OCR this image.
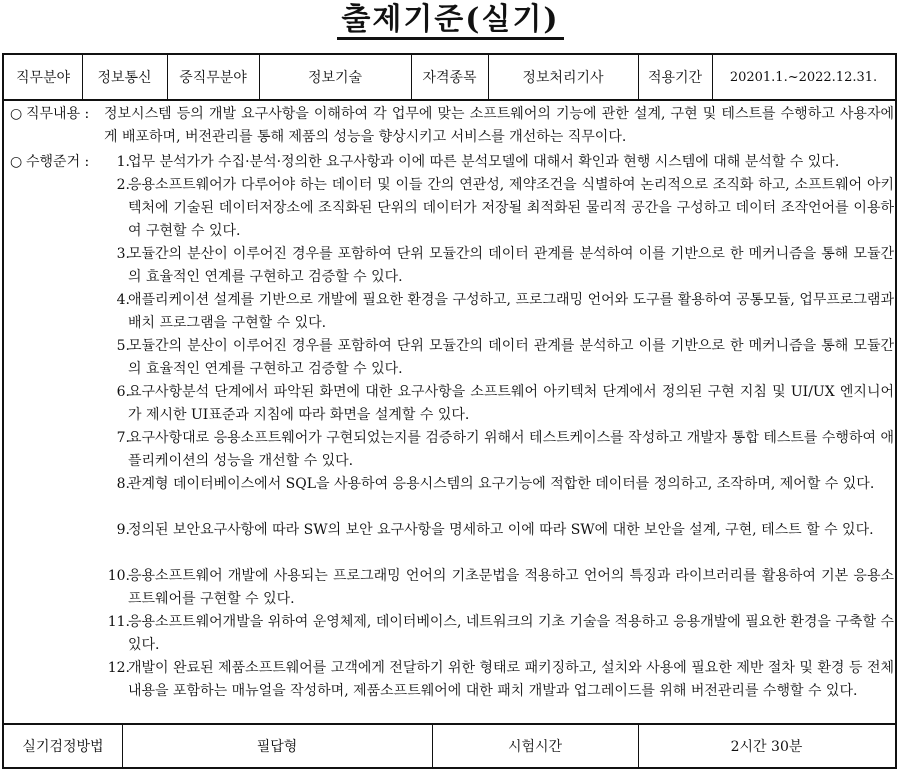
출제기준(실기)
직무분야	정보통신	중직무분야	정보기술	자격종목	정보처리기사	적용기간	20201.1.~2022.12.31.
○ 직무내용 : 정보시스템 등의 개발 요구사항을 이해하여 각 업무에 맞는 소프트웨어의 기능에 관한 설계, 구현 및 테스트를 수행하고 사용자에게 배포하며, 버전관리를 통해 제품의 성능을 향상시키고 서비스를 개선하는 직무이다.
○ 수행준거 : 1.
업무 분석가가 수집·분석·정의한 요구사항과 이에 따른 분석모델에 대해서 확인과 현행 시스템에 대해 분석할 수 있다.
2.
응용소프트웨어가 다루어야 하는 데이터 및 이들 간의 연관성, 제약조건을 식별하여 논리적으로 조직화 하고, 소프트웨어 아키텍처에 기술된 데이터저장소에 조직화된 단위의 데이터가 저장될 최적화된 물리적 공간을 구성하고 데이터 조작언어를 이용하여 구현할 수 있다.
3.
모듈간의 분산이 이루어진 경우를 포함하여 단위 모듈간의 데이터 관계를 분석하여 이를 기반으로 한 메커니즘을 통해 모듈간의 효율적인 연계를 구현하고 검증할 수 있다.
4.
애플리케이션 설계를 기반으로 개발에 필요한 환경을 구성하고, 프로그래밍 언어와 도구를 활용하여 공통모듈, 업무프로그램과 배치 프로그램을 구현할 수 있다.
5.
모듈간의 분산이 이루어진 경우를 포함하여 단위 모듈간의 데이터 관계를 분석하고 이를 기반으로 한 메커니즘을 통해 모듈간의 효율적인 연계를 구현하고 검증할 수 있다.
6.
요구사항분석 단계에서 파악된 화면에 대한 요구사항을 소프트웨어 아키텍처 단계에서 정의된 구현 지침 및 UI/UX 엔지니어가 제시한 UI표준과 지침에 따라 화면을 설계할 수 있다.
7.
요구사항대로 응용소프트웨어가 구현되었는지를 검증하기 위해서 테스트케이스를 작성하고 개발자 통합 테스트를 수행하여 애플리케이션의 성능을 개선할 수 있다.
8.
관계형 데이터베이스에서 SQL을 사용하여 응용시스템의 요구기능에 적합한 데이터를 정의하고, 조작하며, 제어할 수 있다.
9.
정의된 보안요구사항에 따라 SW의 보안 요구사항을 명세하고 이에 따라 SW에 대한 보안을 설계, 구현, 테스트 할 수 있다.
10.
응용소프트웨어 개발에 사용되는 프로그래밍 언어의 기초문법을 적용하고 언어의 특징과 라이브러리를 활용하여 기본 응용소프트웨어를 구현할 수 있다.
11.
응용소프트웨어개발을 위하여 운영체제, 데이터베이스, 네트워크의 기초 기술을 적용하고 응용개발에 필요한 환경을 구축할 수 있다.
12.
개발이 완료된 제품소프트웨어를 고객에게 전달하기 위한 형태로 패키징하고, 설치와 사용에 필요한 제반 절차 및 환경 등 전체 내용을 포함하는 매뉴얼을 작성하며, 제품소프트웨어에 대한 패치 개발과 업그레이드를 위해 버전관리를 수행할 수 있다.
실기검정방법	필답형	시험시간	2시간 30분
